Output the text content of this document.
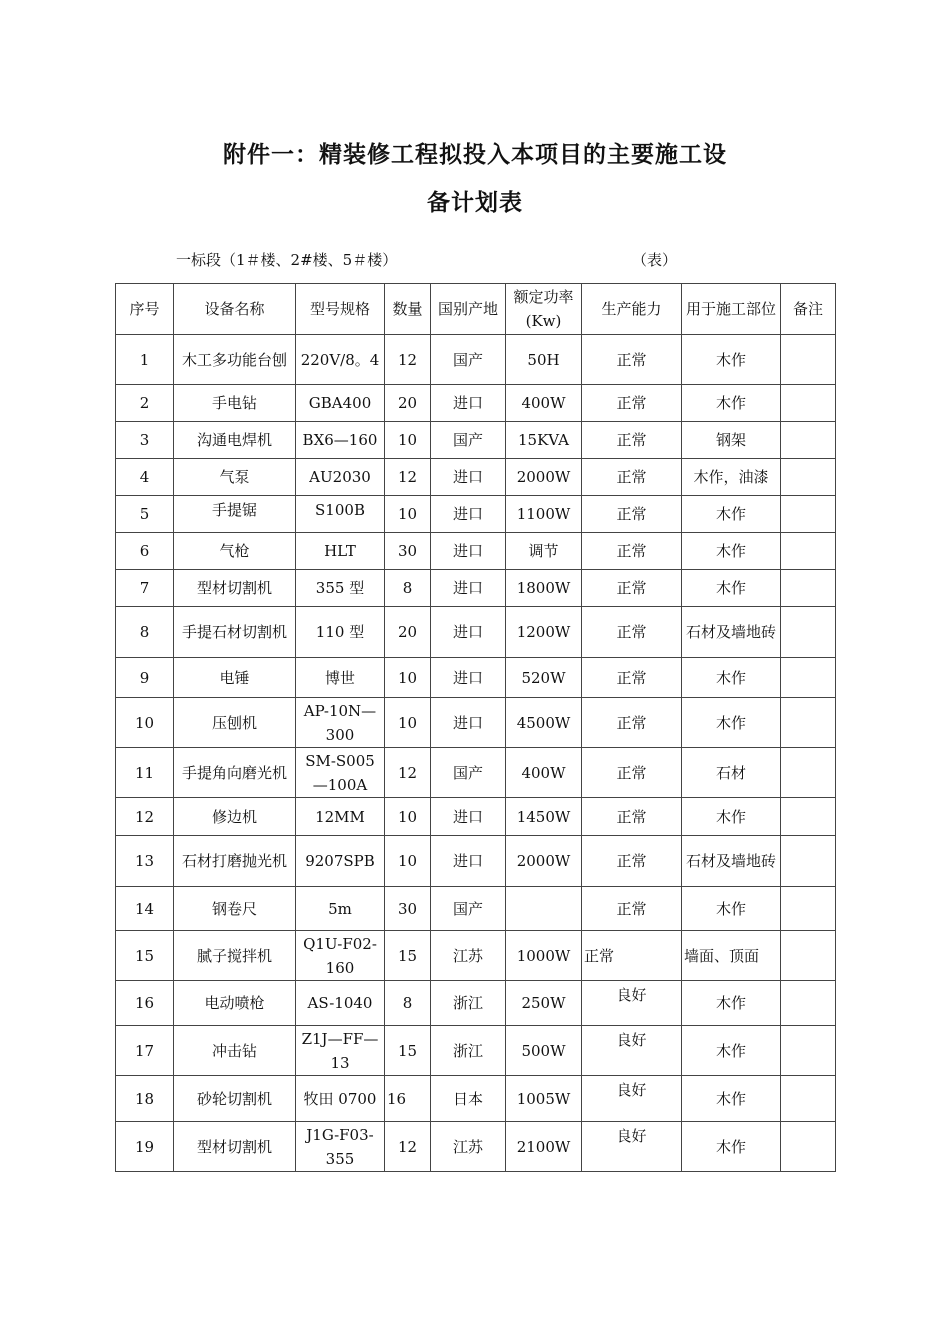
附件一：精装修工程拟投入本项目的主要施工设
备计划表
一标段（1＃楼、2#楼、5＃楼）	（表）
序号	设备名称	型号规格	数量	国别产地	额定功率(Kw)	生产能力	用于施工部位	备注
1	木工多功能台刨	220V/8。4	12	国产	50H	正常	木作	
2	手电钻	GBA400	20	进口	400W	正常	木作	
3	沟通电焊机	BX6—160	10	国产	15KVA	正常	钢架	
4	气泵	AU2030	12	进口	2000W	正常	木作，油漆	
5	手提锯	S100B	10	进口	1100W	正常	木作	
6	气枪	HLT	30	进口	调节	正常	木作	
7	型材切割机	355 型	8	进口	1800W	正常	木作	
8	手提石材切割机	110 型	20	进口	1200W	正常	石材及墙地砖	
9	电锤	博世	10	进口	520W	正常	木作	
10	压刨机	AP-10N—300	10	进口	4500W	正常	木作	
11	手提角向磨光机	SM-S005—100A	12	国产	400W	正常	石材	
12	修边机	12MM	10	进口	1450W	正常	木作	
13	石材打磨抛光机	9207SPB	10	进口	2000W	正常	石材及墙地砖	
14	钢卷尺	5m	30	国产		正常	木作	
15	腻子搅拌机	Q1U-F02-160	15	江苏	1000W	正常	墙面、顶面	
16	电动喷枪	AS-1040	8	浙江	250W	良好	木作	
17	冲击钻	Z1J—FF—13	15	浙江	500W	良好	木作	
18	砂轮切割机	牧田 0700	16	日本	1005W	良好	木作	
19	型材切割机	J1G-F03-355	12	江苏	2100W	良好	木作	
